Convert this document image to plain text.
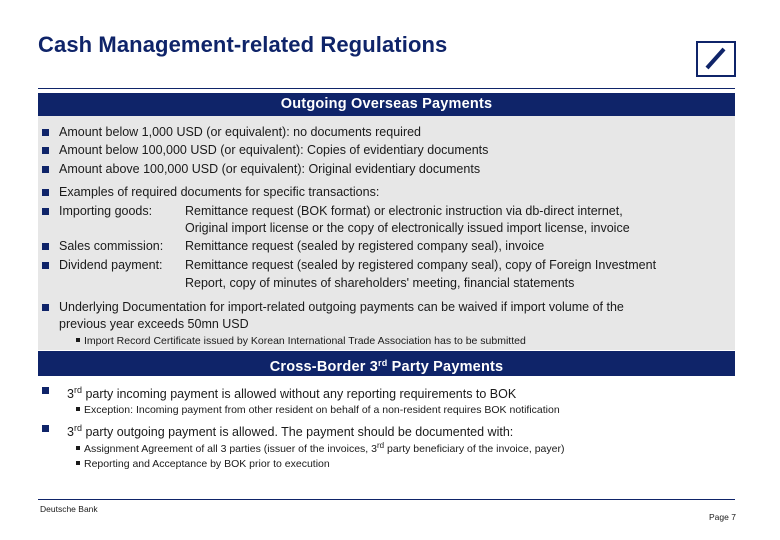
Cash Management-related Regulations
Outgoing Overseas Payments
Amount below 1,000 USD (or equivalent): no documents required
Amount below 100,000 USD (or equivalent): Copies of evidentiary documents
Amount above 100,000 USD (or equivalent): Original evidentiary documents
Examples of required documents for specific transactions:
Importing goods:	Remittance request (BOK format) or electronic instruction via db-direct internet,
Original import license or the copy of electronically issued import license, invoice
Sales commission: Remittance request (sealed by registered company seal), invoice
Dividend payment: Remittance request (sealed by registered company seal), copy of Foreign Investment
Report, copy of minutes of shareholders' meeting, financial statements
Underlying Documentation for import-related outgoing payments can be waived if import volume of the
previous year exceeds 50mn USD
Import Record Certificate issued by Korean International Trade Association has to be submitted
Cross-Border 3rd Party Payments
3rd party incoming payment is allowed without any reporting requirements to BOK
Exception: Incoming payment from other resident on behalf of a non-resident requires BOK notification
3rd party outgoing payment is allowed. The payment should be documented with:
Assignment Agreement of all 3 parties (issuer of the invoices, 3rd party beneficiary of the invoice, payer)
Reporting and Acceptance by BOK prior to execution
Deutsche Bank
Page 7
